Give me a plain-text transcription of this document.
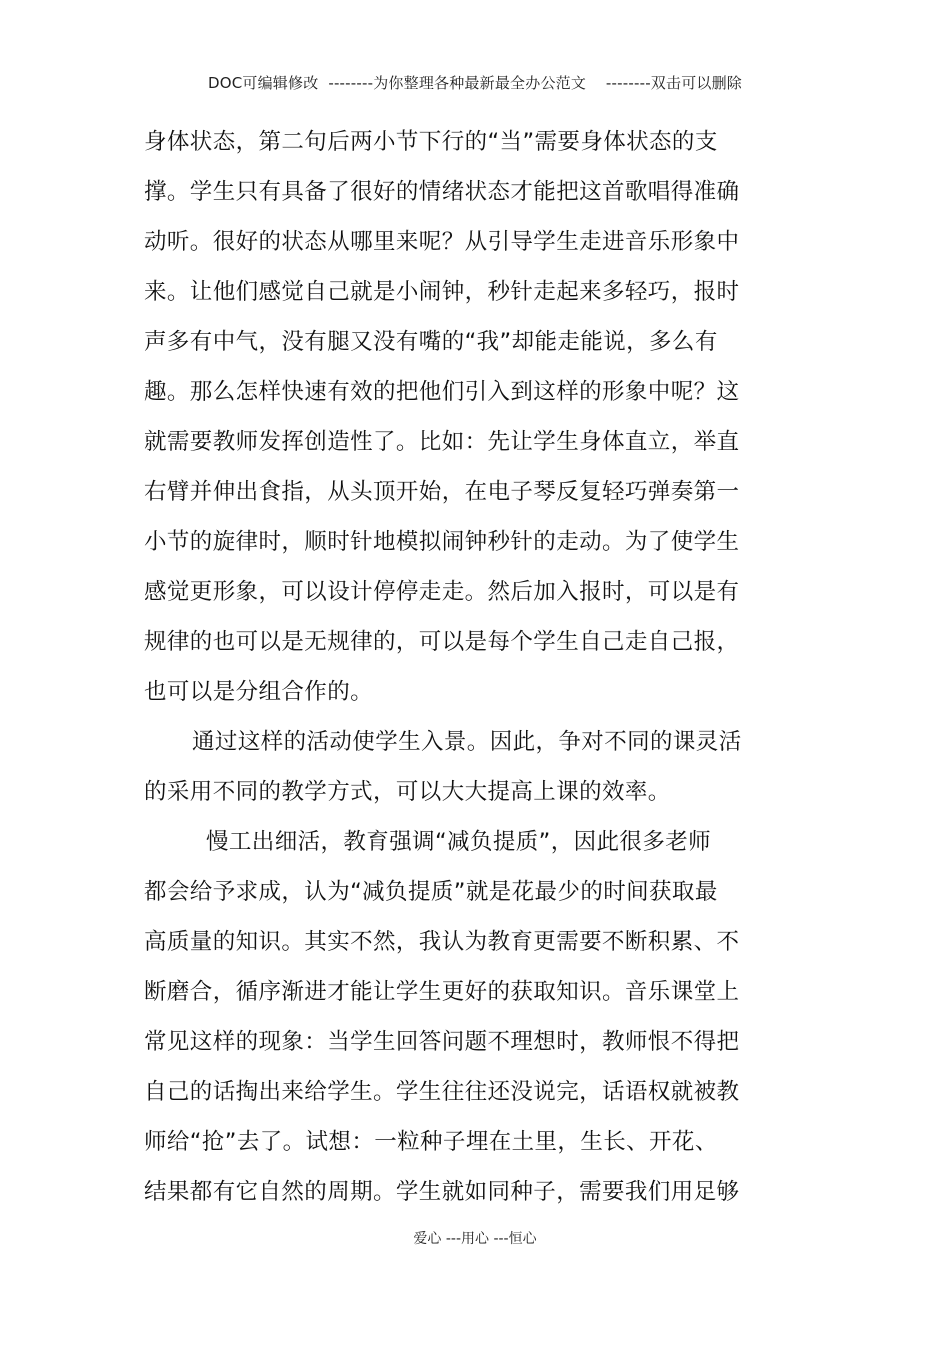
DOC可编辑修改  --------为你整理各种最新最全办公范文    --------双击可以删除
身体状态，第二句后两小节下行的“当”需要身体状态的支
撑。学生只有具备了很好的情绪状态才能把这首歌唱得准确
动听。很好的状态从哪里来呢？从引导学生走进音乐形象中
来。让他们感觉自己就是小闹钟，秒针走起来多轻巧，报时
声多有中气，没有腿又没有嘴的“我”却能走能说，多么有
趣。那么怎样快速有效的把他们引入到这样的形象中呢？这
就需要教师发挥创造性了。比如：先让学生身体直立，举直
右臂并伸出食指，从头顶开始，在电子琴反复轻巧弹奏第一
小节的旋律时，顺时针地模拟闹钟秒针的走动。为了使学生
感觉更形象，可以设计停停走走。然后加入报时，可以是有
规律的也可以是无规律的，可以是每个学生自己走自己报，
也可以是分组合作的。
通过这样的活动使学生入景。因此，争对不同的课灵活
的采用不同的教学方式，可以大大提高上课的效率。
慢工出细活，教育强调“减负提质”，因此很多老师
都会给予求成，认为“减负提质”就是花最少的时间获取最
高质量的知识。其实不然，我认为教育更需要不断积累、不
断磨合，循序渐进才能让学生更好的获取知识。音乐课堂上
常见这样的现象：当学生回答问题不理想时，教师恨不得把
自己的话掏出来给学生。学生往往还没说完，话语权就被教
师给“抢”去了。试想：一粒种子埋在土里，生长、开花、
结果都有它自然的周期。学生就如同种子，需要我们用足够
爱心 ---用心 ---恒心
